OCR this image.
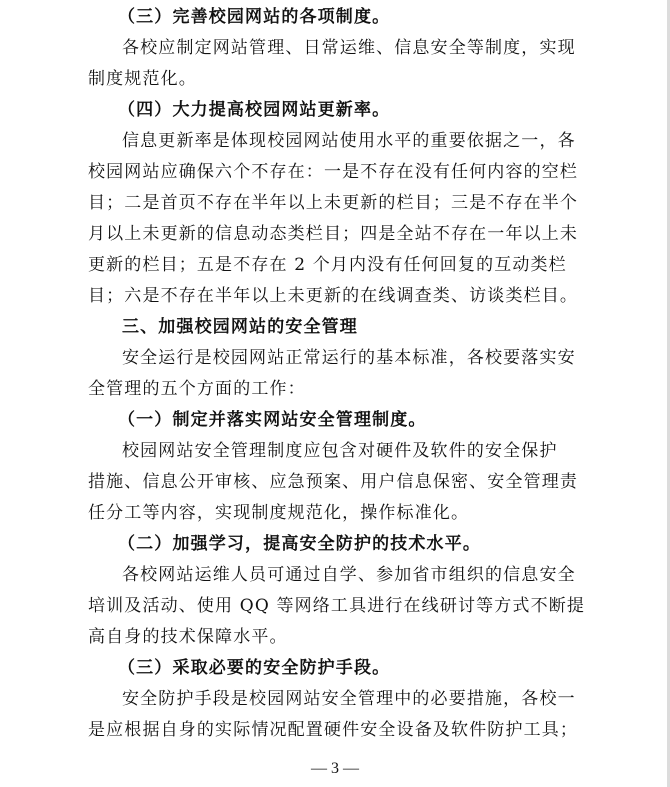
（三）完善校园网站的各项制度。
各校应制定网站管理、日常运维、信息安全等制度，实现
制度规范化。
（四）大力提高校园网站更新率。
信息更新率是体现校园网站使用水平的重要依据之一，各
校园网站应确保六个不存在：一是不存在没有任何内容的空栏
目；二是首页不存在半年以上未更新的栏目；三是不存在半个
月以上未更新的信息动态类栏目；四是全站不存在一年以上未
更新的栏目；五是不存在 2 个月内没有任何回复的互动类栏
目；六是不存在半年以上未更新的在线调查类、访谈类栏目。
三、加强校园网站的安全管理
安全运行是校园网站正常运行的基本标准，各校要落实安
全管理的五个方面的工作：
（一）制定并落实网站安全管理制度。
校园网站安全管理制度应包含对硬件及软件的安全保护
措施、信息公开审核、应急预案、用户信息保密、安全管理责
任分工等内容，实现制度规范化，操作标准化。
（二）加强学习，提高安全防护的技术水平。
各校网站运维人员可通过自学、参加省市组织的信息安全
培训及活动、使用 QQ 等网络工具进行在线研讨等方式不断提
高自身的技术保障水平。
（三）采取必要的安全防护手段。
安全防护手段是校园网站安全管理中的必要措施，各校一
是应根据自身的实际情况配置硬件安全设备及软件防护工具；
— 3 —
